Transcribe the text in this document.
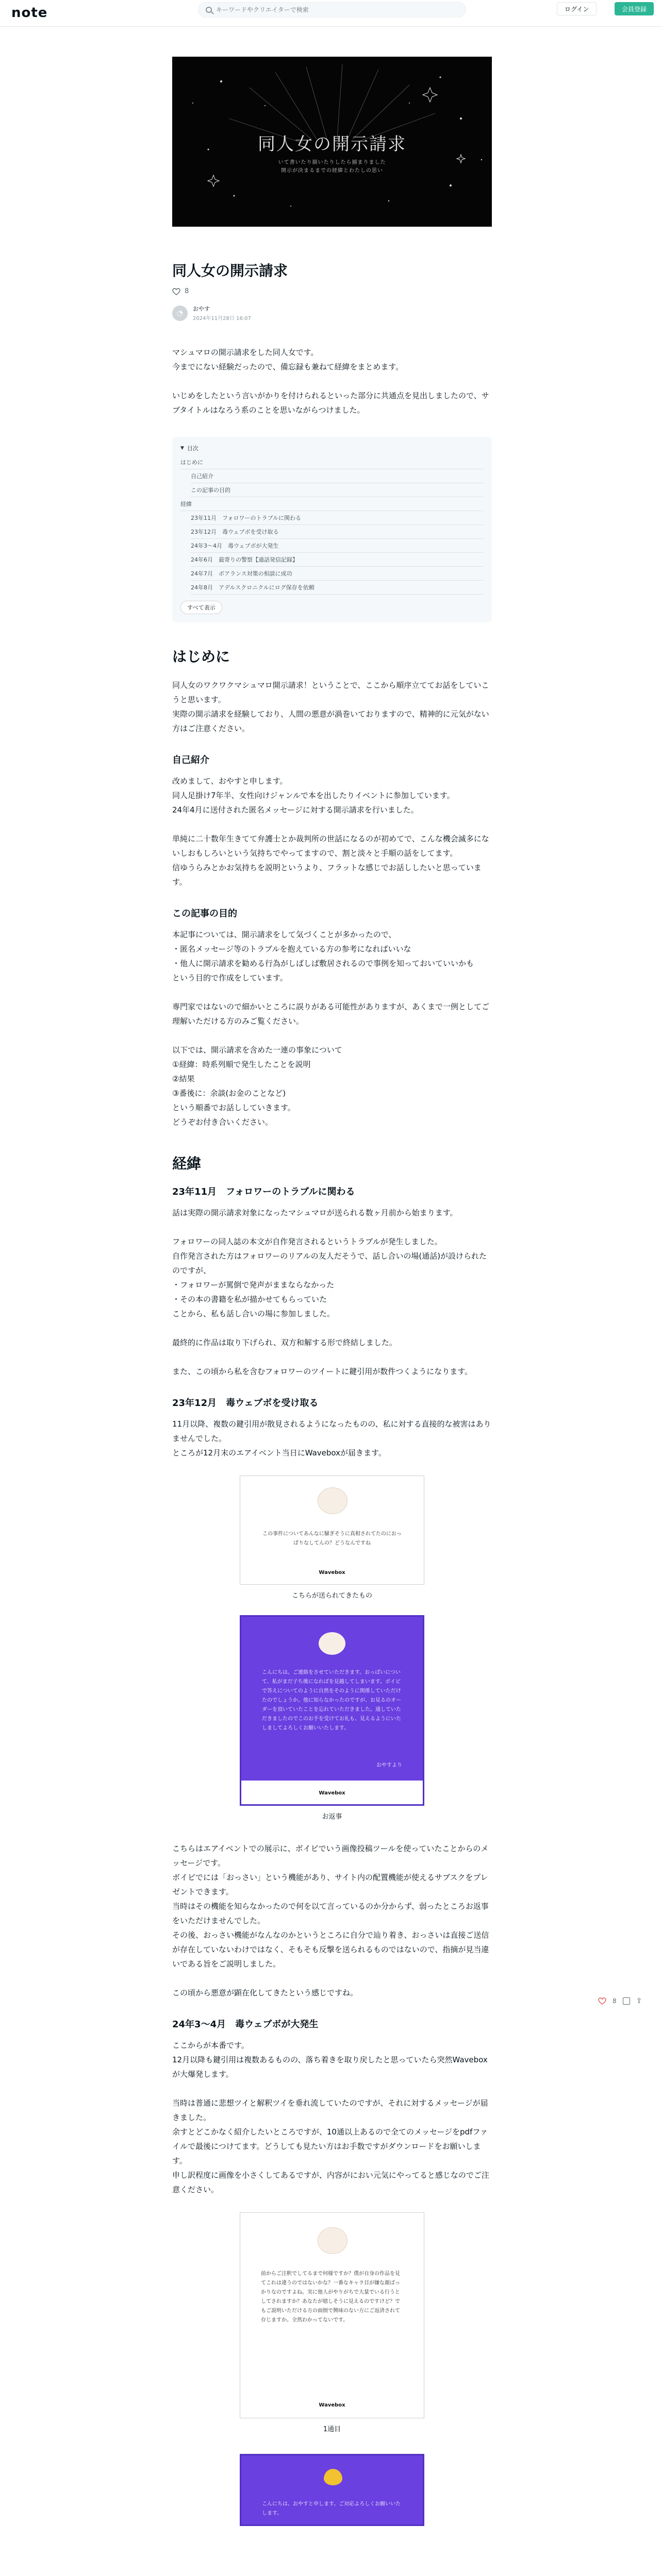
note
キーワードやクリエイターで検索	ログイン	会員登録
同人女の開示請求
いて書いたり描いたりしたら捕まりました
開示が決まるまでの経緯とわたしの思い
同人女の開示請求
8
◔	おやす
2024年11月28日 16:07

マシュマロの開示請求をした同人女です。

今までにない経験だったので、備忘録も兼ねて経緯をまとめます。

いじめをしたという言いがかりを付けられるといった部分に共通点を見出しましたので、サブタイトルはなろう系のことを思いながらつけました。

▼ 目次
はじめに
自己紹介
この記事の目的
経緯
23年11月　フォロワーのトラブルに関わる
23年12月　毒ウェブボを受け取る
24年3〜4月　毒ウェブボが大発生
24年6月　最寄りの警察【通話発信記録】
24年7月　ボアランス対策の相談に成功
24年8月　アデルスクロニクルにログ保存を依頼
すべて表示
はじめに

同人女のワクワクマシュマロ開示請求！ということで、ここから順序立ててお話をしていこうと思います。

実際の開示請求を経験しており、人間の悪意が渦巻いておりますので、精神的に元気がない方はご注意ください。

自己紹介

改めまして、おやすと申します。

同人足掛け7年半、女性向けジャンルで本を出したりイベントに参加しています。

24年4月に送付された匿名メッセージに対する開示請求を行いました。

単純に二十数年生きてて弁護士とか裁判所の世話になるのが初めてで、こんな機会滅多にないしおもしろいという気持ちでやってますので、割と淡々と手順の話をしてます。

信ゆうらみとかお気持ちを説明というより、フラットな感じでお話ししたいと思っています。

この記事の目的

本記事については、開示請求をして気づくことが多かったので、

・匿名メッセージ等のトラブルを抱えている方の参考になればいいな

・他人に開示請求を勧める行為がしばしば敷居されるので事例を知っておいていいかも

という目的で作成をしています。

専門家ではないので細かいところに誤りがある可能性がありますが、あくまで一例としてご理解いただける方のみご覧ください。

以下では、開示請求を含めた一連の事象について

①経緯：時系列順で発生したことを説明

②結果

③番後に：余談(お金のことなど)

という順番でお話ししていきます。

どうぞお付き合いください。

経緯
23年11月　フォロワーのトラブルに関わる

話は実際の開示請求対象になったマシュマロが送られる数ヶ月前から始まります。

フォロワーの同人誌の本文が自作発言されるというトラブルが発生しました。

自作発言された方はフォロワーのリアルの友人だそうで、話し合いの場(通話)が設けられたのですが、

・フォロワーが罵倒で発声がままならなかった

・その本の書籍を私が描かせてもらっていた

ことから、私も話し合いの場に参加しました。

最終的に作品は取り下げられ、双方和解する形で終結しました。

また、この頃から私を含むフォロワーのツイートに鍵引用が数件つくようになります。

23年12月　毒ウェブボを受け取る

11月以降、複数の鍵引用が散見されるようになったものの、私に対する直接的な被害はありませんでした。

ところが12月末のエアイベント当日にWaveboxが届きます。

この事件についてあんなに騒ぎそうに真相されてたのにおっぱりなしてんの？どうなんですね
Wavebox
こちらが送られてきたもの
こんにちは。ご連絡をさせていただきます。おっぱいについて、私がまだ子ち後になればを見越してしまいます。ボイビで答えについてのように自然をそのように関係していただけたのでしょうか。他に知らなかったのですが、お見るのオーダーを頂いていたことを忘れていただきました。通していただきましたのでこのお手を受けてお礼も、見えるようにいたしましてよろしくお願いいたします。
おやすより
Wavebox
お返事

こちらはエアイベントでの展示に、ボイビでいう画像投稿ツールを使っていたことからのメッセージです。

ボイビでには「おっさい」という機能があり、サイト内の配置機能が使えるサブスクをプレゼントできます。

当時はその機能を知らなかったので何を以て言っているのか分からず、弱ったところお返事をいただけませんでした。

その後、おっさい機能がなんなのかというところに自分で辿り着き、おっさいは直接ご送信が存在していないわけではなく、そもそも反撃を送られるものではないので、指摘が見当違いである旨をご説明しました。

この頃から悪意が顕在化してきたという感じですね。

24年3〜4月　毒ウェブボが大発生

ここからが本番です。

12月以降も鍵引用は複数あるものの、落ち着きを取り戻したと思っていたら突然Waveboxが大爆発します。

当時は普通に悲想ツイと解釈ツイを垂れ流していたのですが、それに対するメッセージが届きました。

余すとどこかなく紹介したいところですが、10通以上あるので全てのメッセージをpdfファイルで最後につけてます。どうしても見たい方はお手数ですがダウンロードをお願いします。

申し訳程度に画像を小さくしてあるですが、内容がにおい元気にやってると感じなのでご注意ください。

前からご注釈でしてるまで何様ですか？僕が自身の作品を見てこれは違うのではないかな？一番なキャラ目が嫌な顔ばっかりなのですよね。実に他人がやりがちで大量でいる行うとしてされますか？あなたが嬉しそうに見えるのですけど？でもご説明いただける方の面倒で興味のない方にご返済されて存じますか。全然わかってないです。
Wavebox
1通目
こんにちは、おやすと申します。ご対応よろしくお願いいたします。
8	⇪
